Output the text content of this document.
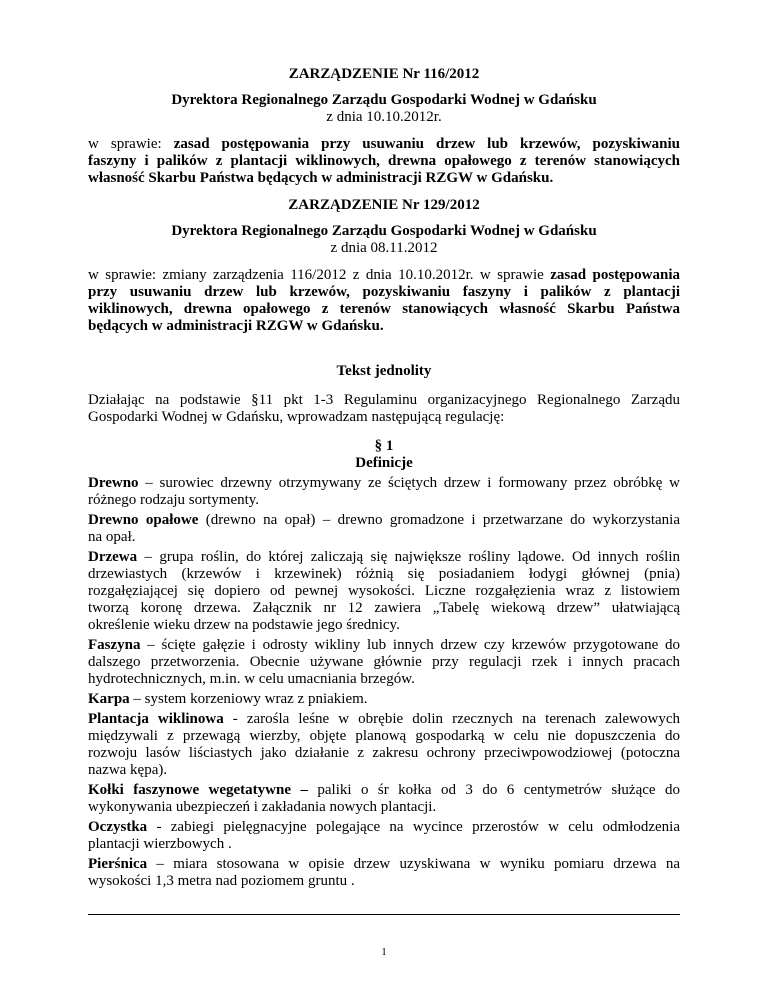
ZARZĄDZENIE Nr 116/2012

Dyrektora Regionalnego Zarządu Gospodarki Wodnej w Gdańsku

z dnia 10.10.2012r.

w sprawie: zasad postępowania przy usuwaniu drzew lub krzewów, pozyskiwaniu
faszyny i palików z plantacji wiklinowych, drewna opałowego z terenów stanowiących
własność Skarbu Państwa będących w administracji RZGW w Gdańsku.

ZARZĄDZENIE Nr 129/2012

Dyrektora Regionalnego Zarządu Gospodarki Wodnej w Gdańsku

z dnia 08.11.2012

w sprawie: zmiany zarządzenia 116/2012 z dnia 10.10.2012r. w sprawie zasad postępowania
przy usuwaniu drzew lub krzewów, pozyskiwaniu faszyny i palików z plantacji
wiklinowych, drewna opałowego z terenów stanowiących własność Skarbu Państwa
będących w administracji RZGW w Gdańsku.

Tekst jednolity

Działając na podstawie §11 pkt 1-3 Regulaminu organizacyjnego Regionalnego Zarządu
Gospodarki Wodnej w Gdańsku, wprowadzam następującą regulację:

§ 1

Definicje

Drewno – surowiec drzewny otrzymywany ze ściętych drzew i formowany przez obróbkę w
różnego rodzaju sortymenty.
Drewno opałowe (drewno na opał) – drewno gromadzone i przetwarzane do wykorzystania
na opał.
Drzewa – grupa roślin, do której zaliczają się największe rośliny lądowe. Od innych roślin
drzewiastych (krzewów i krzewinek) różnią się posiadaniem łodygi głównej (pnia)
rozgałęziającej się dopiero od pewnej wysokości. Liczne rozgałęzienia wraz z listowiem
tworzą koronę drzewa. Załącznik nr 12 zawiera „Tabelę wiekową drzew” ułatwiającą
określenie wieku drzew na podstawie jego średnicy.
Faszyna – ścięte gałęzie i odrosty wikliny lub innych drzew czy krzewów przygotowane do
dalszego przetworzenia. Obecnie używane głównie przy regulacji rzek i innych pracach
hydrotechnicznych, m.in. w celu umacniania brzegów.
Karpa – system korzeniowy wraz z pniakiem.
Plantacja wiklinowa - zarośla leśne w obrębie dolin rzecznych na terenach zalewowych
międzywali z przewagą wierzby, objęte planową gospodarką w celu nie dopuszczenia do
rozwoju lasów liściastych jako działanie z zakresu ochrony przeciwpowodziowej (potoczna
nazwa kępa).
Kołki faszynowe wegetatywne – paliki o śr kołka od 3 do 6 centymetrów służące do
wykonywania ubezpieczeń i zakładania nowych plantacji.
Oczystka - zabiegi pielęgnacyjne polegające na wycince przerostów w celu odmłodzenia
plantacji wierzbowych .
Pierśnica – miara stosowana w opisie drzew uzyskiwana w wyniku pomiaru drzewa na
wysokości 1,3 metra nad poziomem gruntu .
1
